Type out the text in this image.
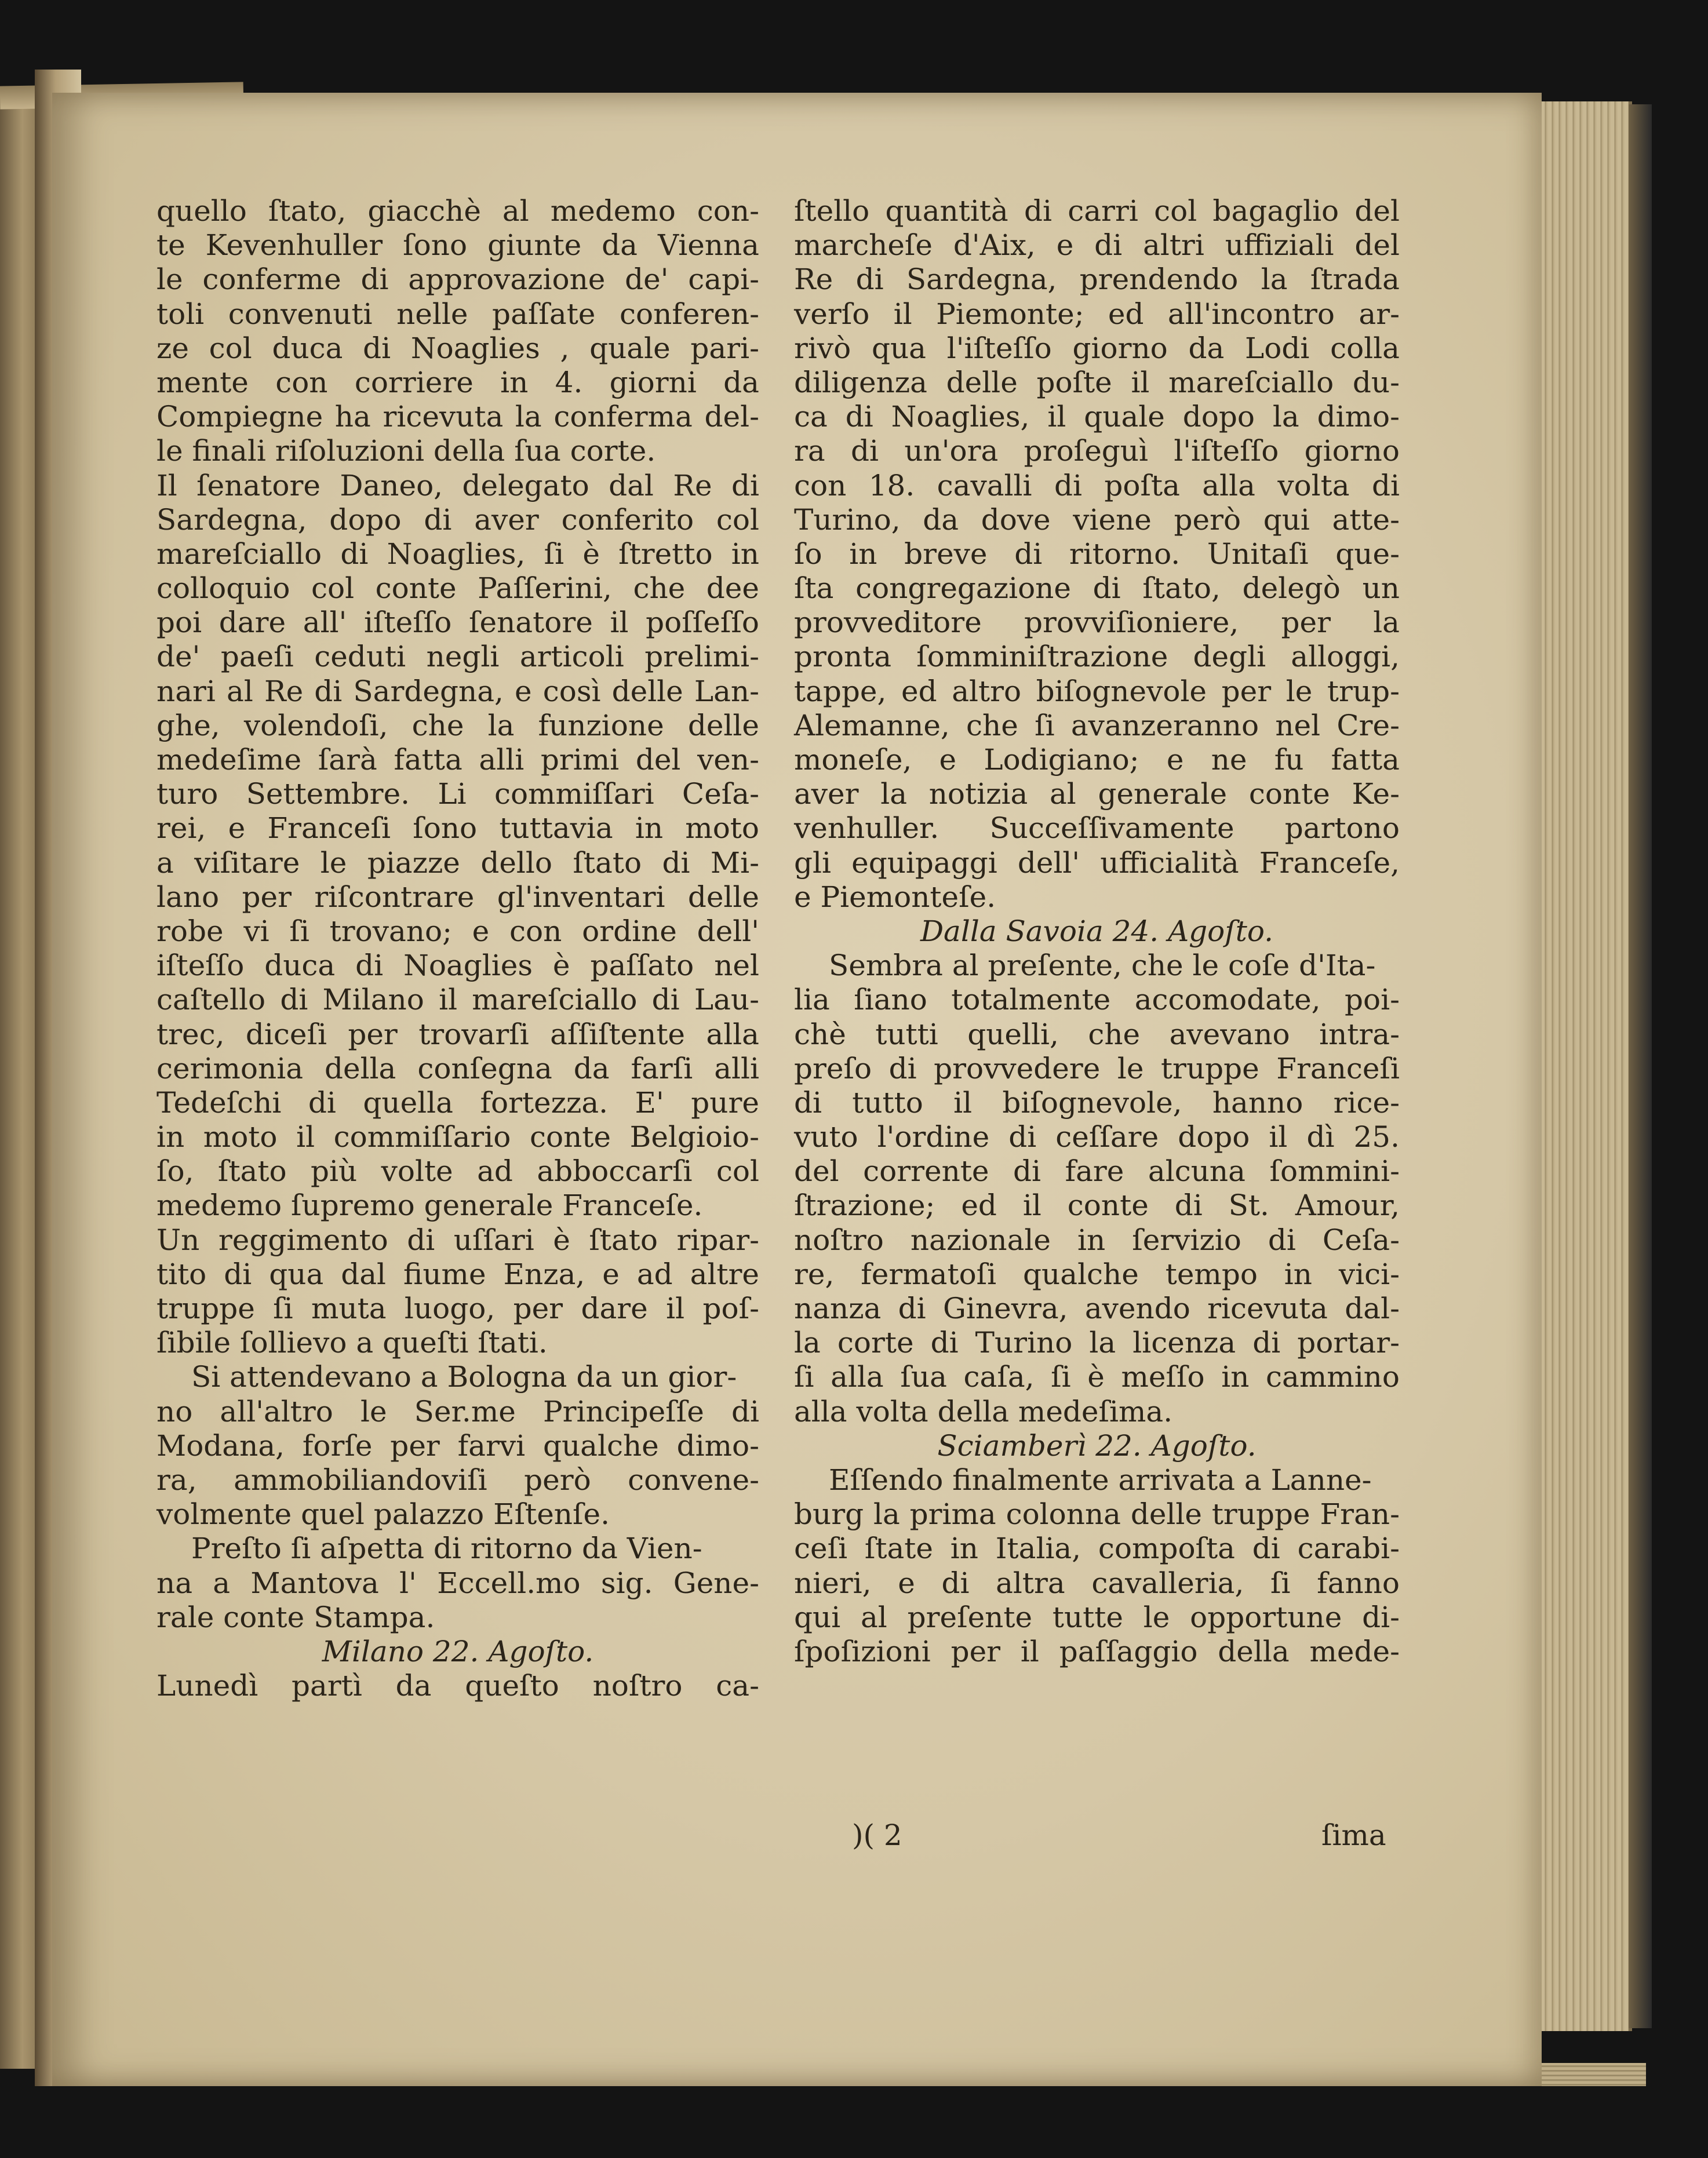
quello ſtato, giacchè al medemo con-
te Kevenhuller ſono giunte da Vienna
le conferme di approvazione de' capi-
toli convenuti nelle paſſate conferen-
ze col duca di Noaglies , quale pari-
mente con corriere in 4. giorni da
Compiegne ha ricevuta la conferma del-
le finali riſoluzioni della ſua corte.
Il ſenatore Daneo, delegato dal Re di
Sardegna, dopo di aver conferito col
mareſciallo di Noaglies, ſi è ſtretto in
colloquio col conte Paſſerini, che dee
poi dare all' iſteſſo ſenatore il poſſeſſo
de' paeſi ceduti negli articoli prelimi-
nari al Re di Sardegna, e così delle Lan-
ghe, volendoſi, che la funzione delle
medeſime ſarà fatta alli primi del ven-
turo Settembre. Li commiſſari Ceſa-
rei, e Franceſi ſono tuttavia in moto
a viſitare le piazze dello ſtato di Mi-
lano per riſcontrare gl'inventari delle
robe vi ſi trovano; e con ordine dell'
iſteſſo duca di Noaglies è paſſato nel
caſtello di Milano il mareſciallo di Lau-
trec, diceſi per trovarſi aſſiſtente alla
cerimonia della conſegna da farſi alli
Tedeſchi di quella fortezza. E' pure
in moto il commiſſario conte Belgioio-
ſo, ſtato più volte ad abboccarſi col
medemo ſupremo generale Franceſe.
Un reggimento di uſſari è ſtato ripar-
tito di qua dal fiume Enza, e ad altre
truppe ſi muta luogo, per dare il poſ-
ſibile ſollievo a queſti ſtati.
Si attendevano a Bologna da un gior-
no all'altro le Ser.me Principeſſe di
Modana, forſe per farvi qualche dimo-
ra, ammobiliandoviſi però convene-
volmente quel palazzo Eſtenſe.
Preſto ſi aſpetta di ritorno da Vien-
na a Mantova l' Eccell.mo sig. Gene-
rale conte Stampa.
Milano 22. Agoſto.
Lunedì partì da queſto noſtro ca-
ſtello quantità di carri col bagaglio del
marcheſe d'Aix, e di altri uffiziali del
Re di Sardegna, prendendo la ſtrada
verſo il Piemonte; ed all'incontro ar-
rivò qua l'iſteſſo giorno da Lodi colla
diligenza delle poſte il mareſciallo du-
ca di Noaglies, il quale dopo la dimo-
ra di un'ora proſeguì l'iſteſſo giorno
con 18. cavalli di poſta alla volta di
Turino, da dove viene però qui atte-
ſo in breve di ritorno. Unitaſi que-
ſta congregazione di ſtato, delegò un
provveditore provviſioniere, per la
pronta ſomminiſtrazione degli alloggi,
tappe, ed altro biſognevole per le trup-
Alemanne, che ſi avanzeranno nel Cre-
moneſe, e Lodigiano; e ne fu fatta
aver la notizia al generale conte Ke-
venhuller. Succeſſivamente partono
gli equipaggi dell' ufficialità Franceſe,
e Piemonteſe.
Dalla Savoia 24. Agoſto.
Sembra al preſente, che le coſe d'Ita-
lia ſiano totalmente accomodate, poi-
chè tutti quelli, che avevano intra-
preſo di provvedere le truppe Franceſi
di tutto il biſognevole, hanno rice-
vuto l'ordine di ceſſare dopo il dì 25.
del corrente di fare alcuna ſommini-
ſtrazione; ed il conte di St. Amour,
noſtro nazionale in ſervizio di Ceſa-
re, fermatoſi qualche tempo in vici-
nanza di Ginevra, avendo ricevuta dal-
la corte di Turino la licenza di portar-
ſi alla ſua caſa, ſi è meſſo in cammino
alla volta della medeſima.
Sciamberì 22. Agoſto.
Eſſendo finalmente arrivata a Lanne-
burg la prima colonna delle truppe Fran-
ceſi ſtate in Italia, compoſta di carabi-
nieri, e di altra cavalleria, ſi fanno
qui al preſente tutte le opportune di-
ſpoſizioni per il paſſaggio della mede-
)( 2	ſima
